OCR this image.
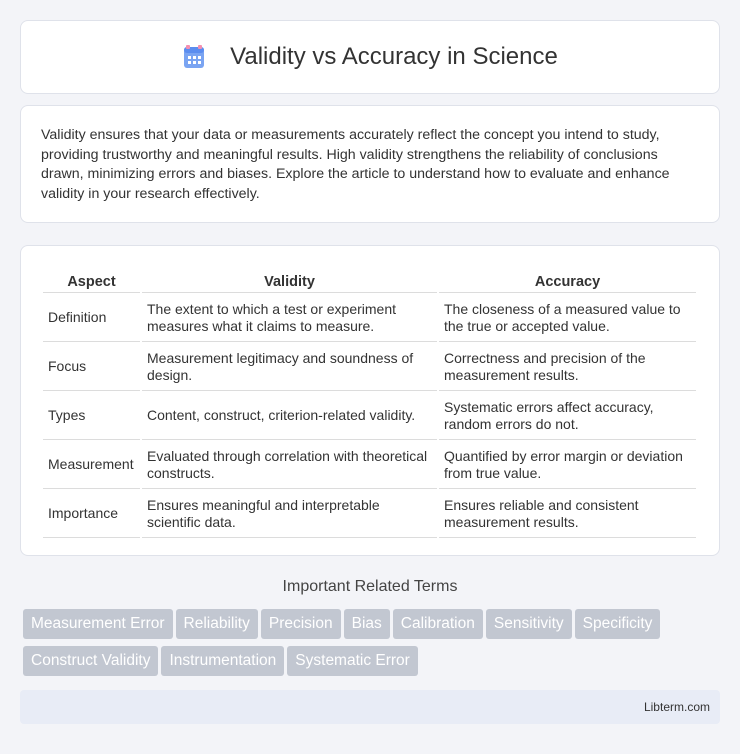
Validity vs Accuracy in Science

Validity ensures that your data or measurements accurately reflect the concept you intend to study, providing trustworthy and meaningful results. High validity strengthens the reliability of conclusions drawn, minimizing errors and biases. Explore the article to understand how to evaluate and enhance validity in your research effectively.

Aspect	Validity	Accuracy
Definition	The extent to which a test or experiment measures what it claims to measure.	The closeness of a measured value to the true or accepted value.
Focus	Measurement legitimacy and soundness of design.	Correctness and precision of the measurement results.
Types	Content, construct, criterion-related validity.	Systematic errors affect accuracy, random errors do not.
Measurement	Evaluated through correlation with theoretical constructs.	Quantified by error margin or deviation from true value.
Importance	Ensures meaningful and interpretable scientific data.	Ensures reliable and consistent measurement results.
Important Related Terms
Measurement Error Reliability Precision Bias Calibration Sensitivity Specificity
Construct Validity Instrumentation Systematic Error
Libterm.com
